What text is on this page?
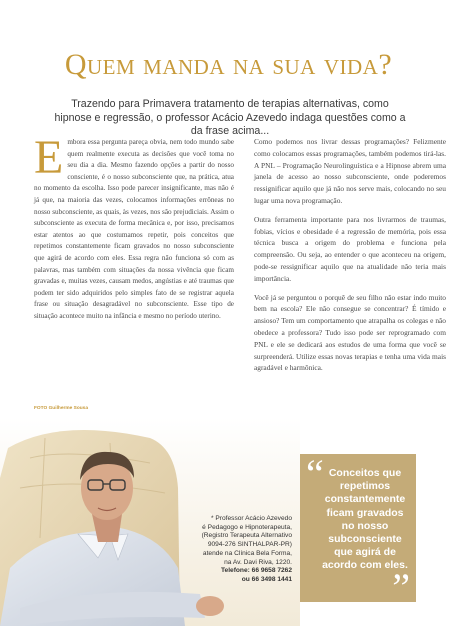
Quem manda na sua vida?
Trazendo para Primavera tratamento de terapias alternativas, como hipnose e regressão, o professor Acácio Azevedo indaga questões como a da frase acima...

Embora essa pergunta pareça obvia, nem todo mundo sabe quem realmente executa as decisões que você toma no seu dia a dia. Mesmo fazendo opções a partir do nosso consciente, é o nosso subconsciente que, na prática, atua no momento da escolha. Isso pode parecer insignificante, mas não é já que, na maioria das vezes, colocamos informações errôneas no nosso subconsciente, as quais, às vezes, nos são prejudiciais. Assim o subconsciente as executa de forma mecânica e, por isso, precisamos estar atentos ao que costumamos repetir, pois conceitos que repetimos constantemente ficam gravados no nosso subconsciente que agirá de acordo com eles. Essa regra não funciona só com as palavras, mas também com situações da nossa vivência que ficam gravadas e, muitas vezes, causam medos, angústias e até traumas que podem ter sido adquiridos pelo simples fato de se registrar aquela frase ou situação desagradável no subconsciente. Esse tipo de situação acontece muito na infância e mesmo no período uterino.

Como podemos nos livrar dessas programações? Felizmente como colocamos essas programações, também podemos tirá-las. A PNL – Programação Neurolinguística e a Hipnose abrem uma janela de acesso ao nosso subconsciente, onde poderemos ressignificar aquilo que já não nos serve mais, colocando no seu lugar uma nova programação.

Outra ferramenta importante para nos livrarmos de traumas, fobias, vícios e obesidade é a regressão de memória, pois essa técnica busca a origem do problema e funciona pela compreensão. Ou seja, ao entender o que aconteceu na origem, pode-se ressignificar aquilo que na atualidade não teria mais importância.

Você já se perguntou o porquê de seu filho não estar indo muito bem na escola? Ele não consegue se concentrar? É tímido e ansioso? Tem um comportamento que atrapalha os colegas e não obedece a professora? Tudo isso pode ser reprogramado com PNL e ele se dedicará aos estudos de uma forma que você se surpreenderá. Utilize essas novas terapias e tenha uma vida mais agradável e harmônica.

FOTO Guilherme Sousa
* Professor Acácio Azevedo
é Pedagogo e Hipnoterapeuta,
(Registro Terapeuta Alternativo
9094-276 SINTHALPAR-PR)
atende na Clínica Bela Forma,
na Av. Davi Riva, 1220.
Telefone: 66 9658 7262
ou 66 3498 1441
“ Conceitos que
repetimos
constantemente
ficam gravados
no nosso
subconsciente
que agirá de
acordo com eles.
”
